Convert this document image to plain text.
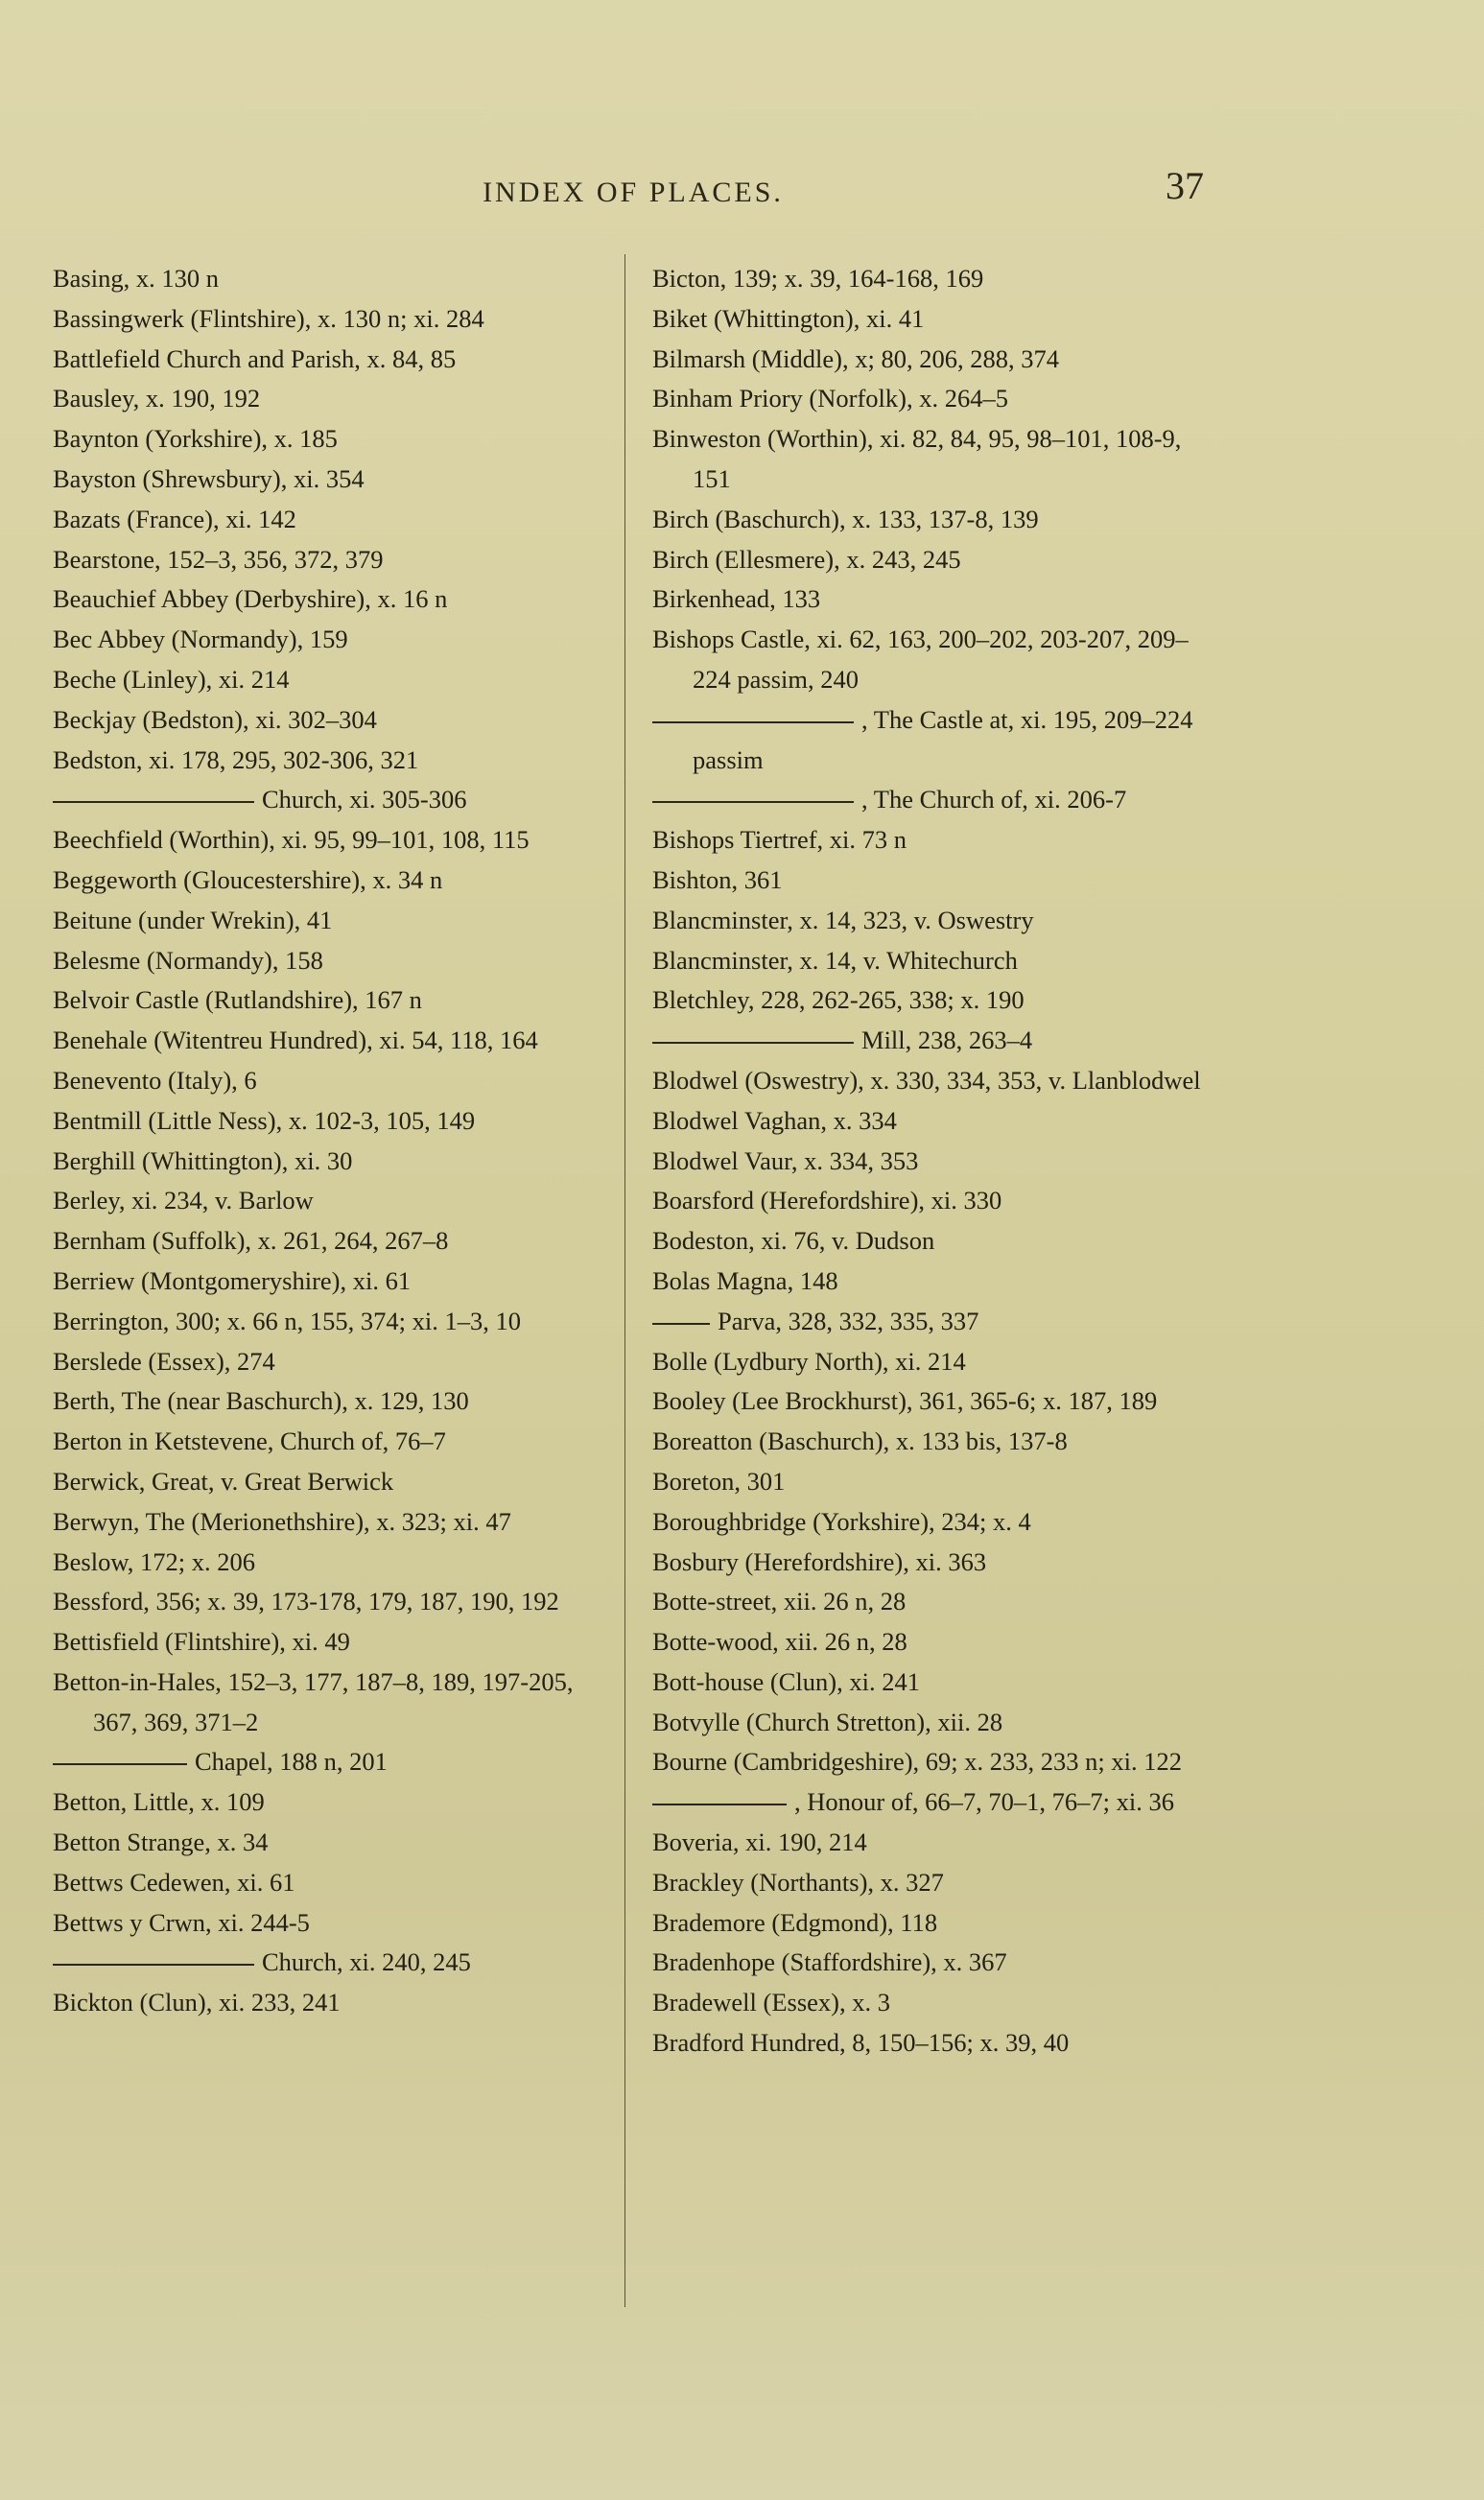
INDEX OF PLACES.	37
Basing, x. 130 n
Bassingwerk (Flintshire), x. 130 n; xi. 284
Battlefield Church and Parish, x. 84, 85
Bausley, x. 190, 192
Baynton (Yorkshire), x. 185
Bayston (Shrewsbury), xi. 354
Bazats (France), xi. 142
Bearstone, 152–3, 356, 372, 379
Beauchief Abbey (Derbyshire), x. 16 n
Bec Abbey (Normandy), 159
Beche (Linley), xi. 214
Beckjay (Bedston), xi. 302–304
Bedston, xi. 178, 295, 302-306, 321
Church, xi. 305-306
Beechfield (Worthin), xi. 95, 99–101, 108, 115
Beggeworth (Gloucestershire), x. 34 n
Beitune (under Wrekin), 41
Belesme (Normandy), 158
Belvoir Castle (Rutlandshire), 167 n
Benehale (Witentreu Hundred), xi. 54, 118, 164
Benevento (Italy), 6
Bentmill (Little Ness), x. 102-3, 105, 149
Berghill (Whittington), xi. 30
Berley, xi. 234, v. Barlow
Bernham (Suffolk), x. 261, 264, 267–8
Berriew (Montgomeryshire), xi. 61
Berrington, 300; x. 66 n, 155, 374; xi. 1–3, 10
Berslede (Essex), 274
Berth, The (near Baschurch), x. 129, 130
Berton in Ketstevene, Church of, 76–7
Berwick, Great, v. Great Berwick
Berwyn, The (Merionethshire), x. 323; xi. 47
Beslow, 172; x. 206
Bessford, 356; x. 39, 173-178, 179, 187, 190, 192
Bettisfield (Flintshire), xi. 49
Betton-in-Hales, 152–3, 177, 187–8, 189, 197-205, 367, 369, 371–2
Chapel, 188 n, 201
Betton, Little, x. 109
Betton Strange, x. 34
Bettws Cedewen, xi. 61
Bettws y Crwn, xi. 244-5
Church, xi. 240, 245
Bickton (Clun), xi. 233, 241
Bicton, 139; x. 39, 164-168, 169
Biket (Whittington), xi. 41
Bilmarsh (Middle), x; 80, 206, 288, 374
Binham Priory (Norfolk), x. 264–5
Binweston (Worthin), xi. 82, 84, 95, 98–101, 108-9, 151
Birch (Baschurch), x. 133, 137-8, 139
Birch (Ellesmere), x. 243, 245
Birkenhead, 133
Bishops Castle, xi. 62, 163, 200–202, 203-207, 209–224 passim, 240
, The Castle at, xi. 195, 209–224 passim
, The Church of, xi. 206-7
Bishops Tiertref, xi. 73 n
Bishton, 361
Blancminster, x. 14, 323, v. Oswestry
Blancminster, x. 14, v. Whitechurch
Bletchley, 228, 262-265, 338; x. 190
Mill, 238, 263–4
Blodwel (Oswestry), x. 330, 334, 353, v. Llanblodwel
Blodwel Vaghan, x. 334
Blodwel Vaur, x. 334, 353
Boarsford (Herefordshire), xi. 330
Bodeston, xi. 76, v. Dudson
Bolas Magna, 148
Parva, 328, 332, 335, 337
Bolle (Lydbury North), xi. 214
Booley (Lee Brockhurst), 361, 365-6; x. 187, 189
Boreatton (Baschurch), x. 133 bis, 137-8
Boreton, 301
Boroughbridge (Yorkshire), 234; x. 4
Bosbury (Herefordshire), xi. 363
Botte-street, xii. 26 n, 28
Botte-wood, xii. 26 n, 28
Bott-house (Clun), xi. 241
Botvylle (Church Stretton), xii. 28
Bourne (Cambridgeshire), 69; x. 233, 233 n; xi. 122
, Honour of, 66–7, 70–1, 76–7; xi. 36
Boveria, xi. 190, 214
Brackley (Northants), x. 327
Brademore (Edgmond), 118
Bradenhope (Staffordshire), x. 367
Bradewell (Essex), x. 3
Bradford Hundred, 8, 150–156; x. 39, 40
